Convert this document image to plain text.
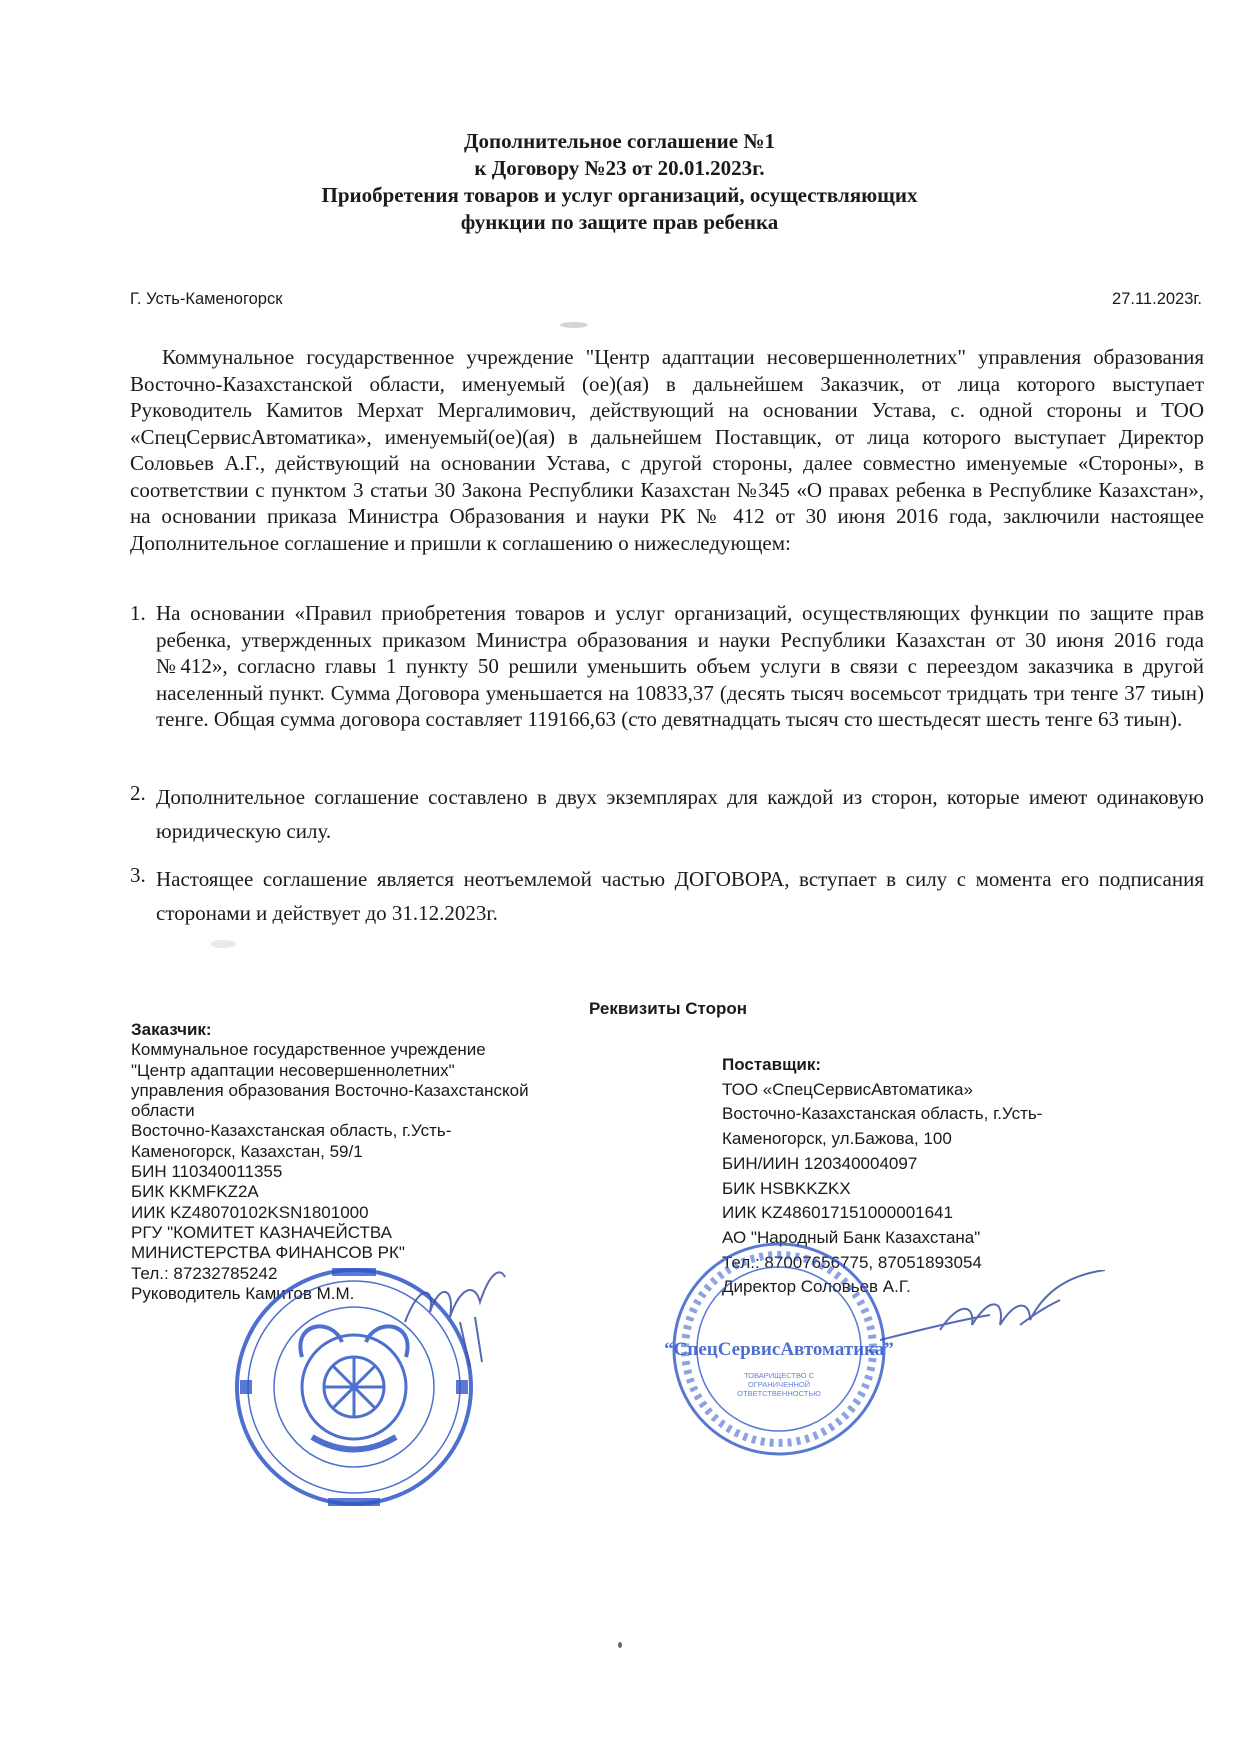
Дополнительное соглашение №1
к Договору №23 от 20.01.2023г.
Приобретения товаров и услуг организаций, осуществляющих
функции по защите прав ребенка
Г. Усть-Каменогорск	27.11.2023г.
Коммунальное государственное учреждение "Центр адаптации несовершеннолетних" управления образования Восточно-Казахстанской области, именуемый (ое)(ая) в дальнейшем Заказчик, от лица которого выступает Руководитель Камитов Мерхат Мергалимович, действующий на основании Устава, с. одной стороны и ТОО «СпецСервисАвтоматика», именуемый(ое)(ая) в дальнейшем Поставщик, от лица которого выступает Директор Соловьев А.Г., действующий на основании Устава, с другой стороны, далее совместно именуемые «Стороны», в соответствии с пунктом 3 статьи 30 Закона Республики Казахстан №345 «О правах ребенка в Республике Казахстан», на основании приказа Министра Образования и науки РК № 412 от 30 июня 2016 года, заключили настоящее Дополнительное соглашение и пришли к соглашению о нижеследующем:
1. На основании «Правил приобретения товаров и услуг организаций, осуществляющих функции по защите прав ребенка, утвержденных приказом Министра образования и науки Республики Казахстан от 30 июня 2016 года №412», согласно главы 1 пункту 50 решили уменьшить объем услуги в связи с переездом заказчика в другой населенный пункт. Сумма Договора уменьшается на 10833,37 (десять тысяч восемьсот тридцать три тенге 37 тиын) тенге. Общая сумма договора составляет 119166,63 (сто девятнадцать тысяч сто шестьдесят шесть тенге 63 тиын).
2. Дополнительное соглашение составлено в двух экземплярах для каждой из сторон, которые имеют одинаковую юридическую силу.
3. Настоящее соглашение является неотъемлемой частью ДОГОВОРА, вступает в силу с момента его подписания сторонами и действует до 31.12.2023г.
Реквизиты Сторон
Заказчик:
Коммунальное государственное учреждение
"Центр адаптации несовершеннолетних"
управления образования Восточно-Казахстанской
области
Восточно-Казахстанская область, г.Усть-
Каменогорск, Казахстан, 59/1
БИН 110340011355
БИК KKMFKZ2A
ИИК KZ48070102KSN1801000
РГУ "КОМИТЕТ КАЗНАЧЕЙСТВА
МИНИСТЕРСТВА ФИНАНСОВ РК"
Тел.: 87232785242
Руководитель Камитов М.М.
Поставщик:
ТОО «СпецСервисАвтоматика»
Восточно-Казахстанская область, г.Усть-
Каменогорск, ул.Бажова, 100
БИН/ИИН 120340004097
БИК HSBKKZKX
ИИК KZ486017151000001641
АО "Народный Банк Казахстана"
Тел.: 87007656775, 87051893054
Директор Соловьев А.Г.
“СпецСервисАвтоматика”
ТОВАРИЩЕСТВО С
ОГРАНИЧЕННОЙ
ОТВЕТСТВЕННОСТЬЮ
